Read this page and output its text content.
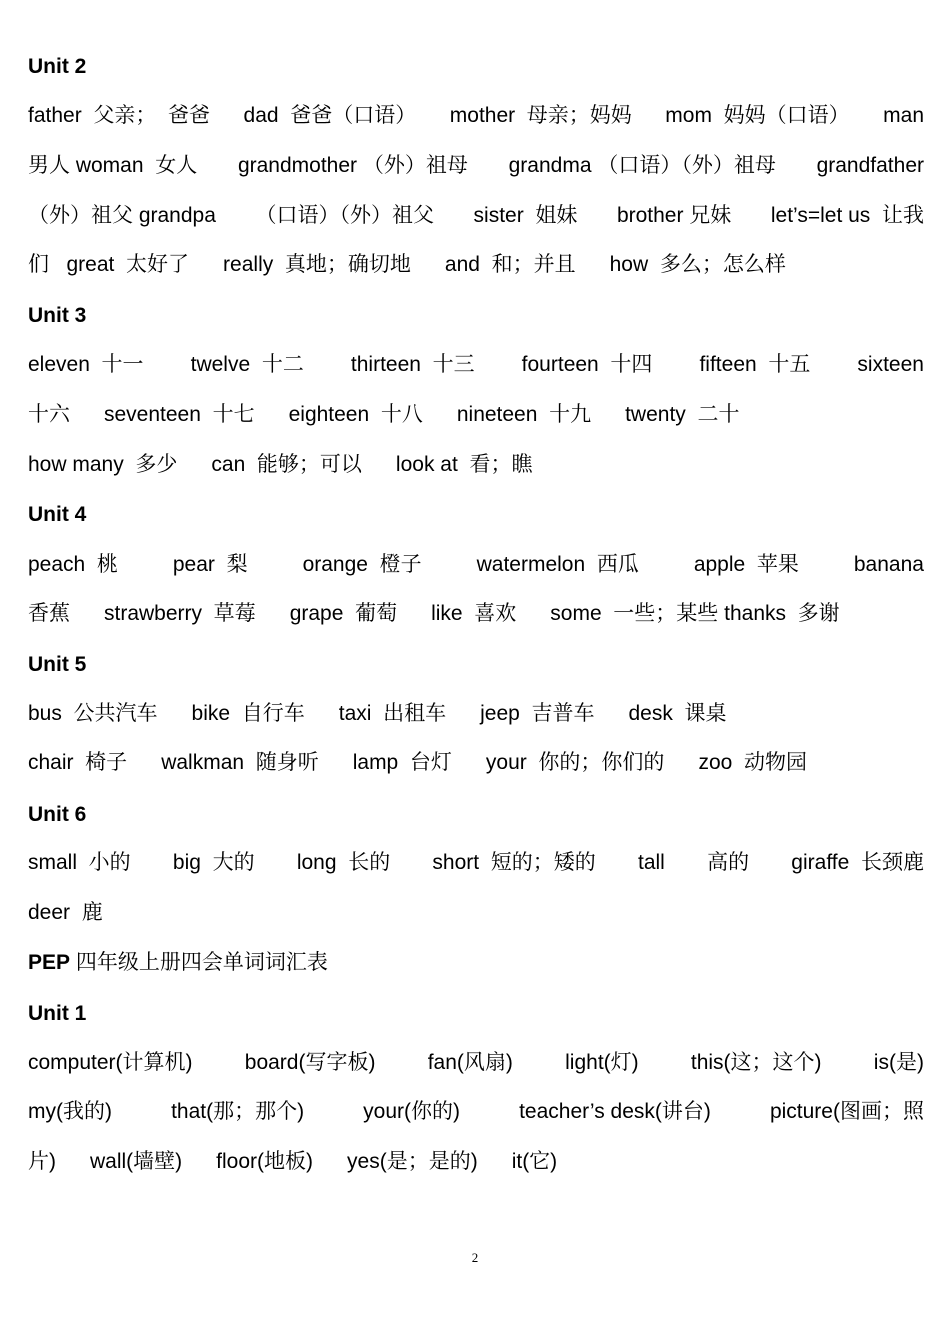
Unit 2
father  父亲；  爸爸 dad  爸爸（口语） mother  母亲；妈妈 mom  妈妈（口语） man
男人 woman  女人 grandmother （外）祖母 grandma （口语）（外）祖母 grandfather
（外）祖父 grandpa （口语）（外）祖父 sister  姐妹 brother 兄妹 let’s=let us  让我
们   great  太好了 really  真地；确切地 and  和；并且 how  多么；怎么样
Unit 3
eleven  十一 twelve  十二 thirteen  十三 fourteen  十四 fifteen  十五 sixteen
十六 seventeen  十七 eighteen  十八 nineteen  十九 twenty  二十
how many  多少 can  能够；可以 look at  看；瞧
Unit 4
peach  桃	pear  梨	orange  橙子	watermelon  西瓜	apple  苹果	banana
香蕉 strawberry  草莓 grape  葡萄 like  喜欢 some  一些；某些 thanks  多谢
Unit 5
bus  公共汽车 bike  自行车 taxi  出租车 jeep  吉普车 desk  课桌
chair  椅子 walkman  随身听 lamp  台灯 your  你的；你们的 zoo  动物园
Unit 6
small  小的 big  大的 long  长的 short  短的；矮的 tall 高的 giraffe  长颈鹿
deer  鹿
PEP 四年级上册四会单词词汇表
Unit 1
computer(计算机) board(写字板) fan(风扇) light(灯) this(这；这个) is(是)
my(我的)	that(那；那个)	your(你的)	teacher’s desk(讲台)	picture(图画；照
片) wall(墙壁) floor(地板) yes(是；是的) it(它)
2
